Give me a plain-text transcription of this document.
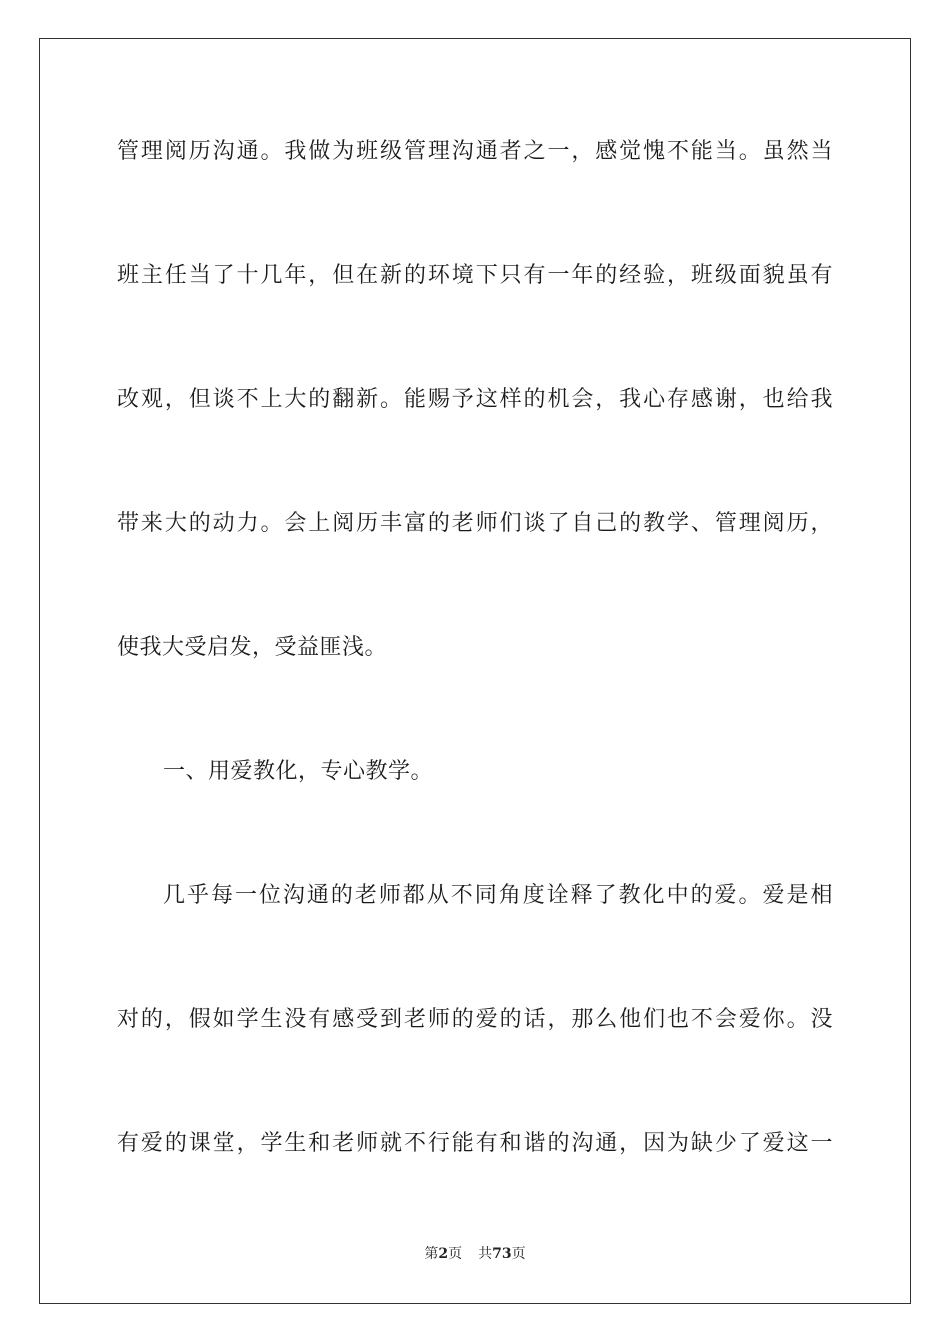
管理阅历沟通。我做为班级管理沟通者之一，感觉愧不能当。虽然当
班主任当了十几年，但在新的环境下只有一年的经验，班级面貌虽有
改观，但谈不上大的翻新。能赐予这样的机会，我心存感谢，也给我
带来大的动力。会上阅历丰富的老师们谈了自己的教学、管理阅历，
使我大受启发，受益匪浅。
一、用爱教化，专心教学。
几乎每一位沟通的老师都从不同角度诠释了教化中的爱。爱是相
对的，假如学生没有感受到老师的爱的话，那么他们也不会爱你。没
有爱的课堂，学生和老师就不行能有和谐的沟通，因为缺少了爱这一
第2页 共73页
